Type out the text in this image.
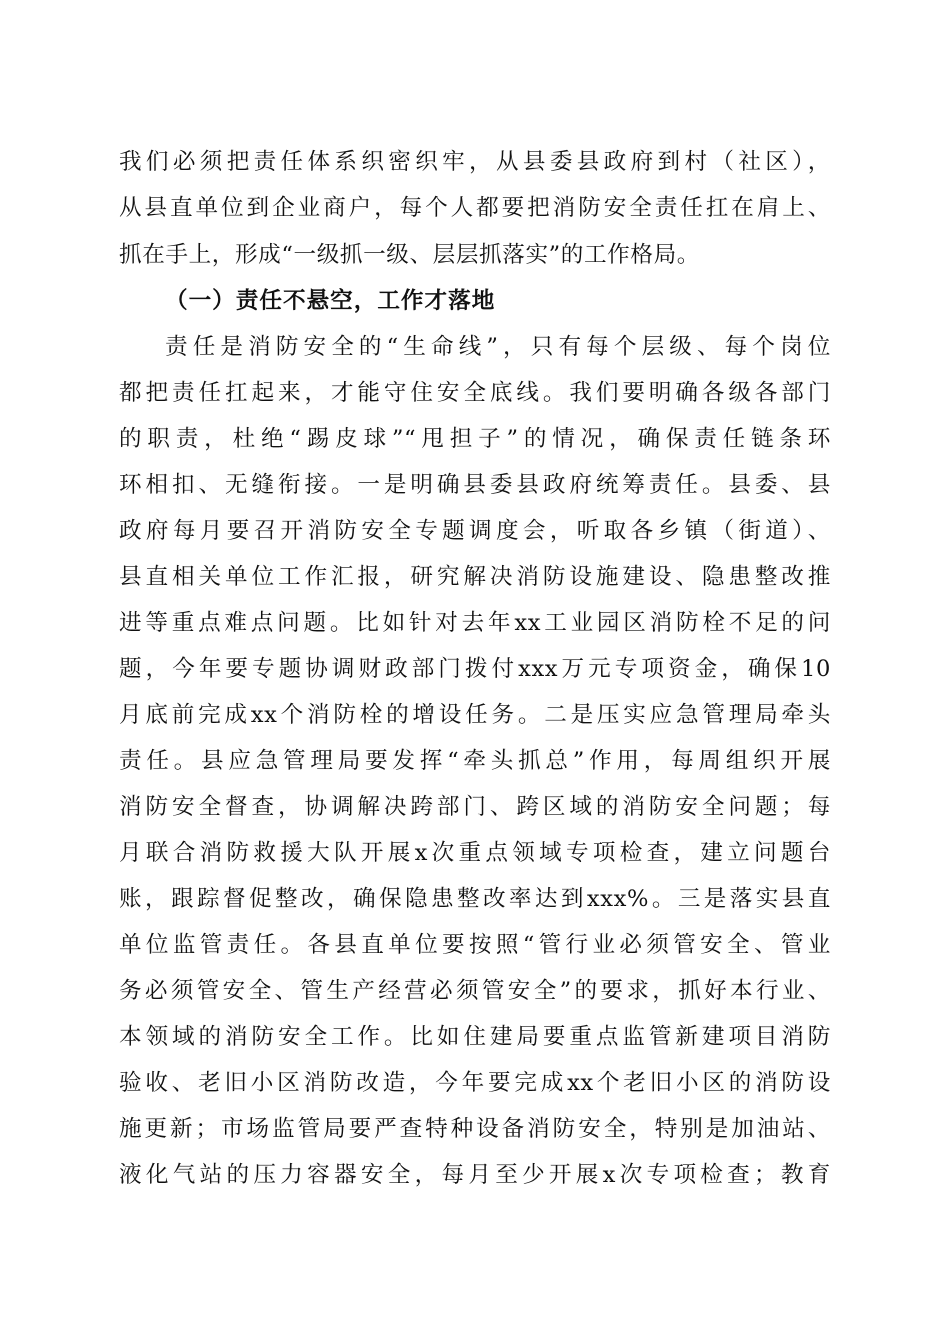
我们必须把责任体系织密织牢，从县委县政府到村（社区），
从县直单位到企业商户，每个人都要把消防安全责任扛在肩上、
抓在手上，形成“一级抓一级、层层抓落实”的工作格局。
（一）责任不悬空，工作才落地
责任是消防安全的“生命线”，只有每个层级、每个岗位
都把责任扛起来，才能守住安全底线。我们要明确各级各部门
的职责，杜绝“踢皮球”“甩担子”的情况，确保责任链条环
环相扣、无缝衔接。一是明确县委县政府统筹责任。县委、县
政府每月要召开消防安全专题调度会，听取各乡镇（街道）、
县直相关单位工作汇报，研究解决消防设施建设、隐患整改推
进等重点难点问题。比如针对去年xx工业园区消防栓不足的问
题，今年要专题协调财政部门拨付xxx万元专项资金，确保10
月底前完成xx个消防栓的增设任务。二是压实应急管理局牵头
责任。县应急管理局要发挥“牵头抓总”作用，每周组织开展
消防安全督查，协调解决跨部门、跨区域的消防安全问题；每
月联合消防救援大队开展x次重点领域专项检查，建立问题台
账，跟踪督促整改，确保隐患整改率达到xxx%。三是落实县直
单位监管责任。各县直单位要按照“管行业必须管安全、管业
务必须管安全、管生产经营必须管安全”的要求，抓好本行业、
本领域的消防安全工作。比如住建局要重点监管新建项目消防
验收、老旧小区消防改造，今年要完成xx个老旧小区的消防设
施更新；市场监管局要严查特种设备消防安全，特别是加油站、
液化气站的压力容器安全，每月至少开展x次专项检查；教育
